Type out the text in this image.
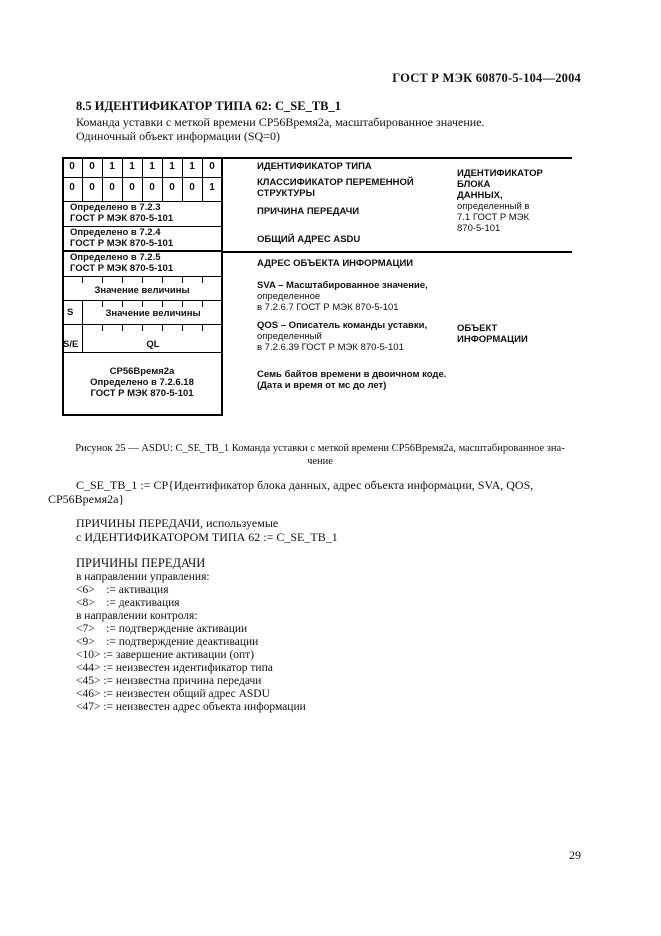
ГОСТ Р МЭК 60870-5-104—2004
8.5 ИДЕНТИФИКАТОР ТИПА 62: C_SE_TB_1
Команда уставки с меткой времени CP56Время2а, масштабированное значение.
Одиночный объект информации (SQ=0)
0	0	1	1	1	1	1	0
0	0	0	0	0	0	0	1
Определено в 7.2.3
ГОСТ Р МЭК 870-5-101
Определено в 7.2.4
ГОСТ Р МЭК 870-5-101
Определено в 7.2.5
ГОСТ Р МЭК 870-5-101
Значение величины
S	Значение величины
S/E	QL
CP56Время2а
Определено в 7.2.6.18
ГОСТ Р МЭК 870-5-101
ИДЕНТИФИКАТОР ТИПА
КЛАССИФИКАТОР ПЕРЕМЕННОЙ
СТРУКТУРЫ
ПРИЧИНА ПЕРЕДАЧИ
ОБЩИЙ АДРЕС ASDU
АДРЕС ОБЪЕКТА ИНФОРМАЦИИ
SVA – Масштабированное значение,
определенное
в 7.2.6.7 ГОСТ Р МЭК 870-5-101
QOS – Описатель команды уставки,
определенный
в 7.2.6.39 ГОСТ Р МЭК 870-5-101
Семь байтов времени в двоичном коде.
(Дата и время от мс до лет)
ИДЕНТИФИКАТОР
БЛОКА
ДАННЫХ,
определенный в
7.1 ГОСТ Р МЭК
870-5-101
ОБЪЕКТ
ИНФОРМАЦИИ
Рисунок 25 — ASDU: C_SE_TB_1 Команда уставки с меткой времени CP56Время2а, масштабированное зна-
чение
C_SE_TB_1 := CP{Идентификатор блока данных, адрес объекта информации, SVA, QOS,
CP56Время2а}
ПРИЧИНЫ ПЕРЕДАЧИ, используемые
с ИДЕНТИФИКАТОРОМ ТИПА 62 := C_SE_TB_1
ПРИЧИНЫ ПЕРЕДАЧИ
в направлении управления:
<6>    := активация
<8>    := деактивация
в направлении контроля:
<7>    := подтверждение активации
<9>    := подтверждение деактивации
<10> := завершение активации (опт)
<44> := неизвестен идентификатор типа
<45> := неизвестна причина передачи
<46> := неизвестен общий адрес ASDU
<47> := неизвестен адрес объекта информации
29
